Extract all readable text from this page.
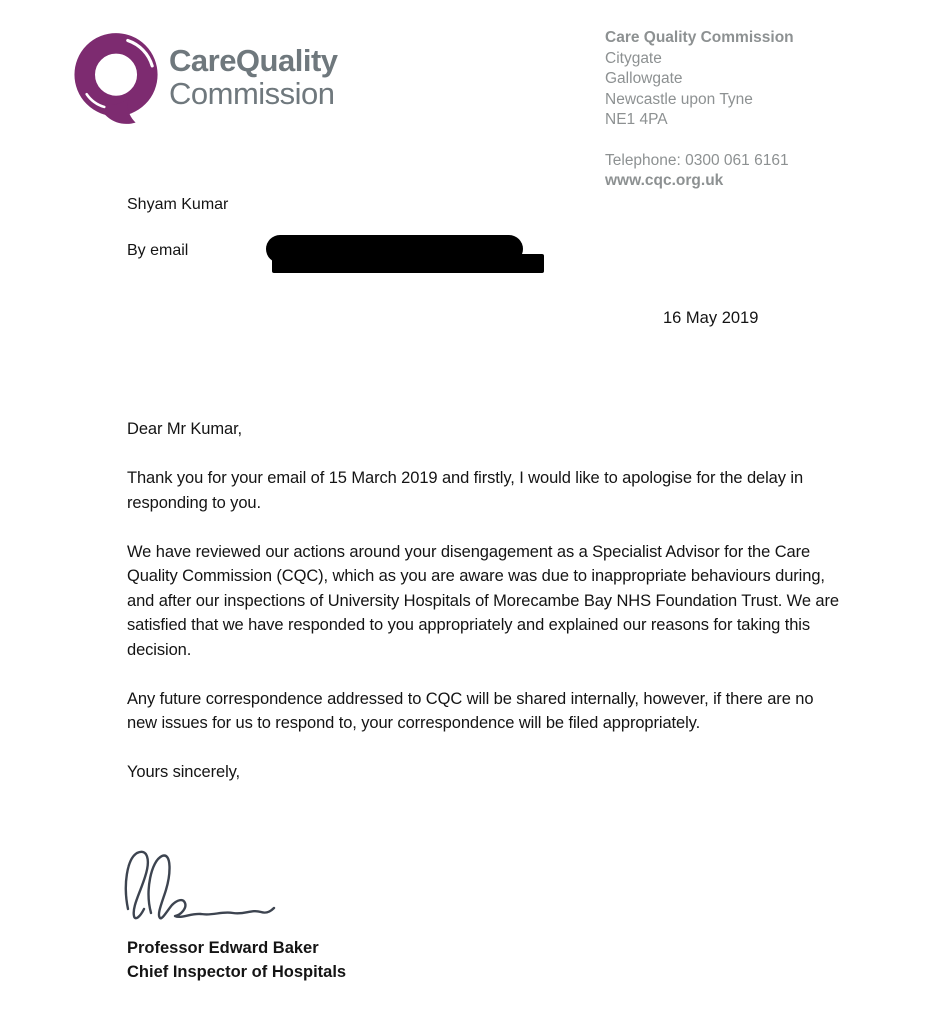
CareQuality
Commission
Care Quality Commission
Citygate
Gallowgate
Newcastle upon Tyne
NE1 4PA
Telephone: 0300 061 6161
www.cqc.org.uk
Shyam Kumar
By email
16 May 2019

Dear Mr Kumar,

Thank you for your email of 15 March 2019 and firstly, I would like to apologise for the delay in responding to you.

We have reviewed our actions around your disengagement as a Specialist Advisor for the Care Quality Commission (CQC), which as you are aware was due to inappropriate behaviours during, and after our inspections of University Hospitals of Morecambe Bay NHS Foundation Trust. We are satisfied that we have responded to you appropriately and explained our reasons for taking this decision.

Any future correspondence addressed to CQC will be shared internally, however, if there are no new issues for us to respond to, your correspondence will be filed appropriately.

Yours sincerely,

Professor Edward Baker
Chief Inspector of Hospitals
